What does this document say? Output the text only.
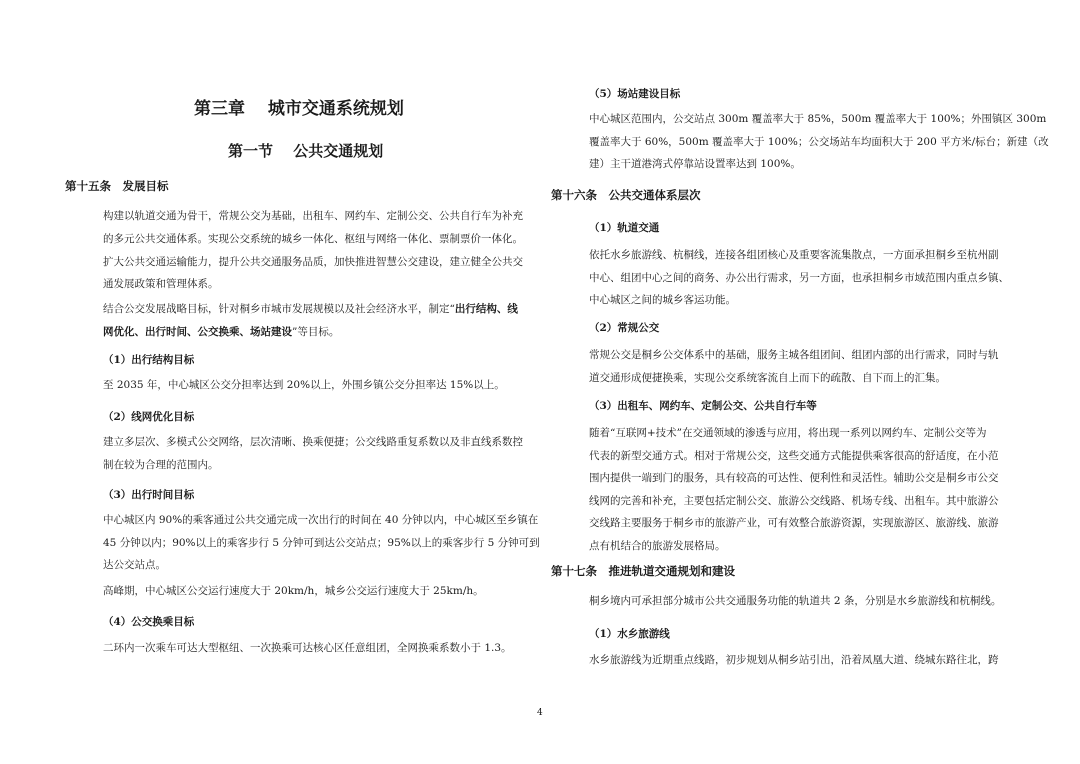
第三章　 城市交通系统规划
第一节　 公共交通规划
第十五条　发展目标
构建以轨道交通为骨干，常规公交为基础，出租车、网约车、定制公交、公共自行车为补充
的多元公共交通体系。实现公交系统的城乡一体化、枢纽与网络一体化、票制票价一体化。
扩大公共交通运输能力，提升公共交通服务品质，加快推进智慧公交建设，建立健全公共交
通发展政策和管理体系。
结合公交发展战略目标，针对桐乡市城市发展规模以及社会经济水平，制定“出行结构、线
网优化、出行时间、公交换乘、场站建设”等目标。
（1）出行结构目标
至 2035 年，中心城区公交分担率达到 20%以上，外围乡镇公交分担率达 15%以上。
（2）线网优化目标
建立多层次、多模式公交网络，层次清晰、换乘便捷；公交线路重复系数以及非直线系数控
制在较为合理的范围内。
（3）出行时间目标
中心城区内 90%的乘客通过公共交通完成一次出行的时间在 40 分钟以内，中心城区至乡镇在
45 分钟以内；90%以上的乘客步行 5 分钟可到达公交站点；95%以上的乘客步行 5 分钟可到
达公交站点。
高峰期，中心城区公交运行速度大于 20km/h，城乡公交运行速度大于 25km/h。
（4）公交换乘目标
二环内一次乘车可达大型枢纽、一次换乘可达核心区任意组团，全网换乘系数小于 1.3。
（5）场站建设目标
中心城区范围内，公交站点 300m 覆盖率大于 85%，500m 覆盖率大于 100%；外围镇区 300m
覆盖率大于 60%，500m 覆盖率大于 100%；公交场站车均面积大于 200 平方米/标台；新建（改
建）主干道港湾式停靠站设置率达到 100%。
第十六条　公共交通体系层次
（1）轨道交通
依托水乡旅游线、杭桐线，连接各组团核心及重要客流集散点，一方面承担桐乡至杭州副
中心、组团中心之间的商务、办公出行需求，另一方面，也承担桐乡市域范围内重点乡镇、
中心城区之间的城乡客运功能。
（2）常规公交
常规公交是桐乡公交体系中的基础，服务主城各组团间、组团内部的出行需求，同时与轨
道交通形成便捷换乘，实现公交系统客流自上而下的疏散、自下而上的汇集。
（3）出租车、网约车、定制公交、公共自行车等
随着“互联网+技术”在交通领域的渗透与应用，将出现一系列以网约车、定制公交等为
代表的新型交通方式。相对于常规公交，这些交通方式能提供乘客很高的舒适度，在小范
围内提供一端到门的服务，具有较高的可达性、便利性和灵活性。辅助公交是桐乡市公交
线网的完善和补充，主要包括定制公交、旅游公交线路、机场专线、出租车。其中旅游公
交线路主要服务于桐乡市的旅游产业，可有效整合旅游资源，实现旅游区、旅游线、旅游
点有机结合的旅游发展格局。
第十七条　推进轨道交通规划和建设
桐乡境内可承担部分城市公共交通服务功能的轨道共 2 条，分别是水乡旅游线和杭桐线。
（1）水乡旅游线
水乡旅游线为近期重点线路，初步规划从桐乡站引出，沿着凤凰大道、绕城东路往北，跨
4
